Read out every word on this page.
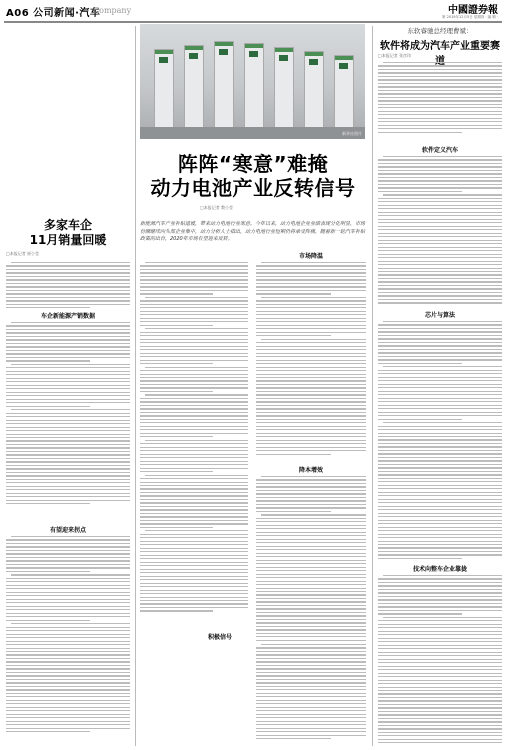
A06 公司新闻·汽车
Company	中國證券報
第 2019年12月5日 星期四 · 编 辑 ·
新华社图片
阵阵“寒意”难掩
动力电池产业反转信号
□本报记者 教小莹
新能源汽车产业补贴退坡，带来动力电池行业寒意。今年以来，动力电池企业业绩表现分化明显，市场份额继续向头部企业集中，动力分析人士指出，动力电池行业短期仍将承受阵痛，随着新一轮汽车补贴政策的出台，2020年市场有望迎来反转。
市场降温
降本增效
积极信号
多家车企
11月销量回暖
□本报记者 崔小莹
车企新能源产销数据
有望迎来拐点
东软睿驰总经理曹斌：
软件将成为汽车产业重要赛
□本报记者 张彦玮
软件定义汽车
芯片与算法
技术向整车企业靠拢
